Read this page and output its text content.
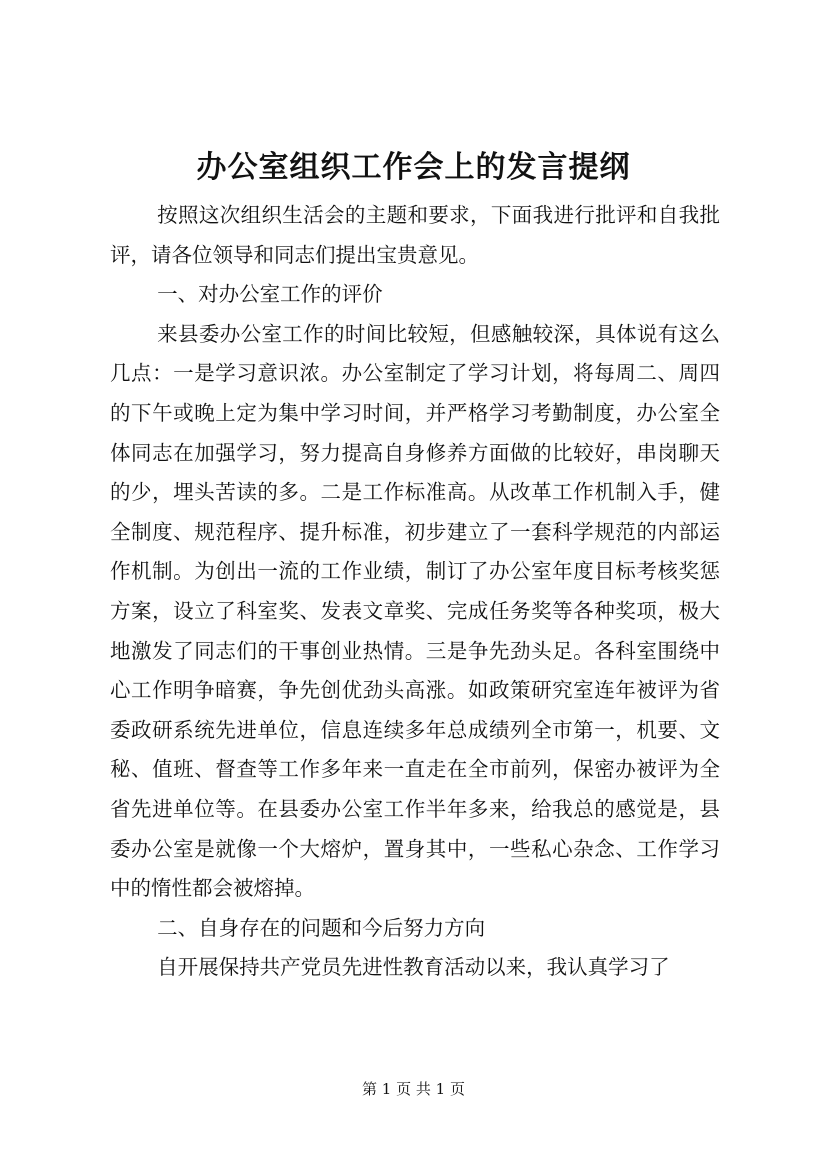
办公室组织工作会上的发言提纲

按照这次组织生活会的主题和要求，下面我进行批评和自我批评，请各位领导和同志们提出宝贵意见。

一、对办公室工作的评价

来县委办公室工作的时间比较短，但感触较深，具体说有这么几点：一是学习意识浓。办公室制定了学习计划，将每周二、周四的下午或晚上定为集中学习时间，并严格学习考勤制度，办公室全体同志在加强学习，努力提高自身修养方面做的比较好，串岗聊天的少，埋头苦读的多。二是工作标准高。从改革工作机制入手，健全制度、规范程序、提升标准，初步建立了一套科学规范的内部运作机制。为创出一流的工作业绩，制订了办公室年度目标考核奖惩方案，设立了科室奖、发表文章奖、完成任务奖等各种奖项，极大地激发了同志们的干事创业热情。三是争先劲头足。各科室围绕中心工作明争暗赛，争先创优劲头高涨。如政策研究室连年被评为省委政研系统先进单位，信息连续多年总成绩列全市第一，机要、文秘、值班、督查等工作多年来一直走在全市前列，保密办被评为全省先进单位等。在县委办公室工作半年多来，给我总的感觉是，县委办公室是就像一个大熔炉，置身其中，一些私心杂念、工作学习中的惰性都会被熔掉。

二、自身存在的问题和今后努力方向

自开展保持共产党员先进性教育活动以来，我认真学习了

第 1 页 共 1 页
